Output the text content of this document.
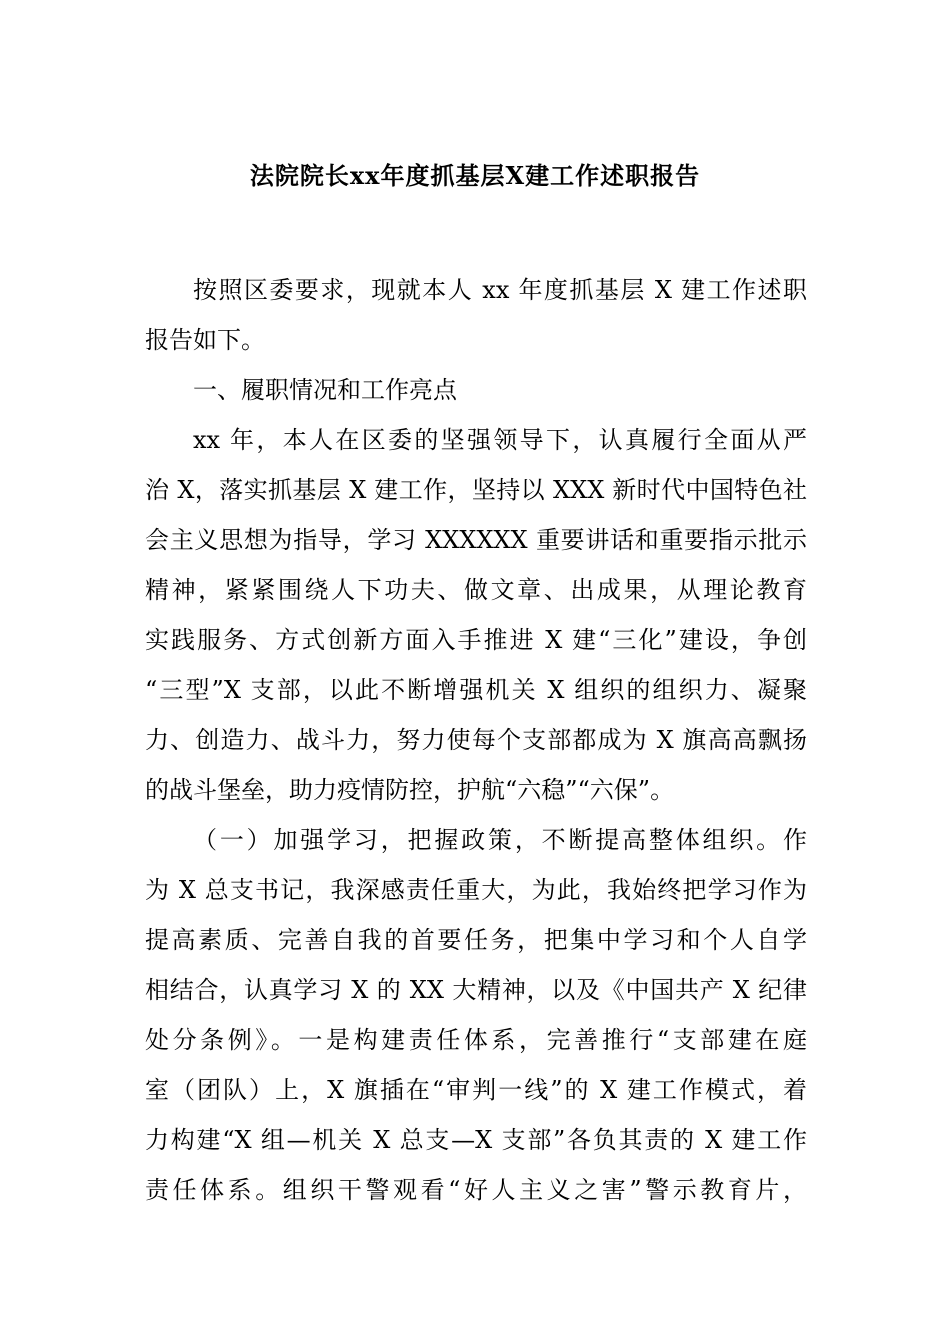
法院院长xx年度抓基层X建工作述职报告
按照区委要求，现就本人 xx 年度抓基层 X 建工作述职
报告如下。
一、履职情况和工作亮点
xx 年，本人在区委的坚强领导下，认真履行全面从严
治 X，落实抓基层 X 建工作，坚持以 XXX 新时代中国特色社
会主义思想为指导，学习 XXXXXX 重要讲话和重要指示批示
精神，紧紧围绕人下功夫、做文章、出成果，从理论教育
实践服务、方式创新方面入手推进 X 建“三化”建设，争创
“三型”X 支部，以此不断增强机关 X 组织的组织力、凝聚
力、创造力、战斗力，努力使每个支部都成为 X 旗高高飘扬
的战斗堡垒，助力疫情防控，护航“六稳”“六保”。
（一）加强学习，把握政策，不断提高整体组织。作
为 X 总支书记，我深感责任重大，为此，我始终把学习作为
提高素质、完善自我的首要任务，把集中学习和个人自学
相结合，认真学习 X 的 XX 大精神，以及《中国共产 X 纪律
处分条例》。一是构建责任体系，完善推行“支部建在庭
室（团队）上，X 旗插在“审判一线”的 X 建工作模式，着
力构建“X 组—机关 X 总支—X 支部”各负其责的 X 建工作
责任体系。组织干警观看“好人主义之害”警示教育片，
